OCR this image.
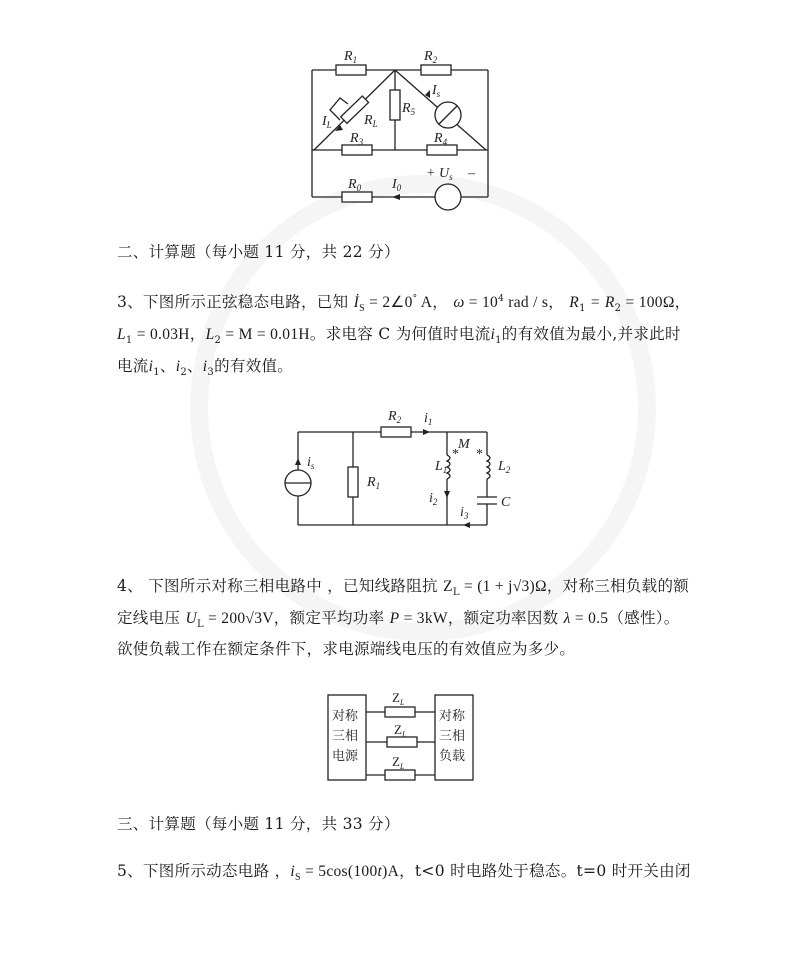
$R_1$	$R_2$
$R_3$	$R_4$
$R_5$
$R_L$
$I_L$
$I_s$
$R_0$ $I_0$
+ $U_s$ –
二、计算题（每小题 11 分，共 22 分）
3、下图所示正弦稳态电路，已知 $İ_S$ = 2∠0° A， $\omega = 10^4$ rad / s， $R_1 = R_2 = 100\Omega$，
$L_1 = 0.03H$，$L_2 = M = 0.01H$。求电容 C 为何值时电流$i_1$的有效值为最小,并求此时
电流$i_1$、$i_2$、$i_3$的有效值。
$R_2$ $i_1$
M
$L_1$	$L_2$
$R_1$
$i_s$
$i_2$
$i_3$
C
* *
4、 下图所示对称三相电路中 ，已知线路阻抗 $Z_L = (1 + j√3)\Omega$，对称三相负载的额
定线电压 $U_L = 200√3V$，额定平均功率 P = 3kW，额定功率因数 λ = 0.5（感性）。
欲使负载工作在额定条件下，求电源端线电压的有效值应为多少。
对称
三相
电源
对称
三相
负载
$Z_L$
$Z_L$
$Z_L$
三、计算题（每小题 11 分，共 33 分）
5、下图所示动态电路 ，$i_S = 5\cos(100t)A$，t<0 时电路处于稳态。t=0 时开关由闭
